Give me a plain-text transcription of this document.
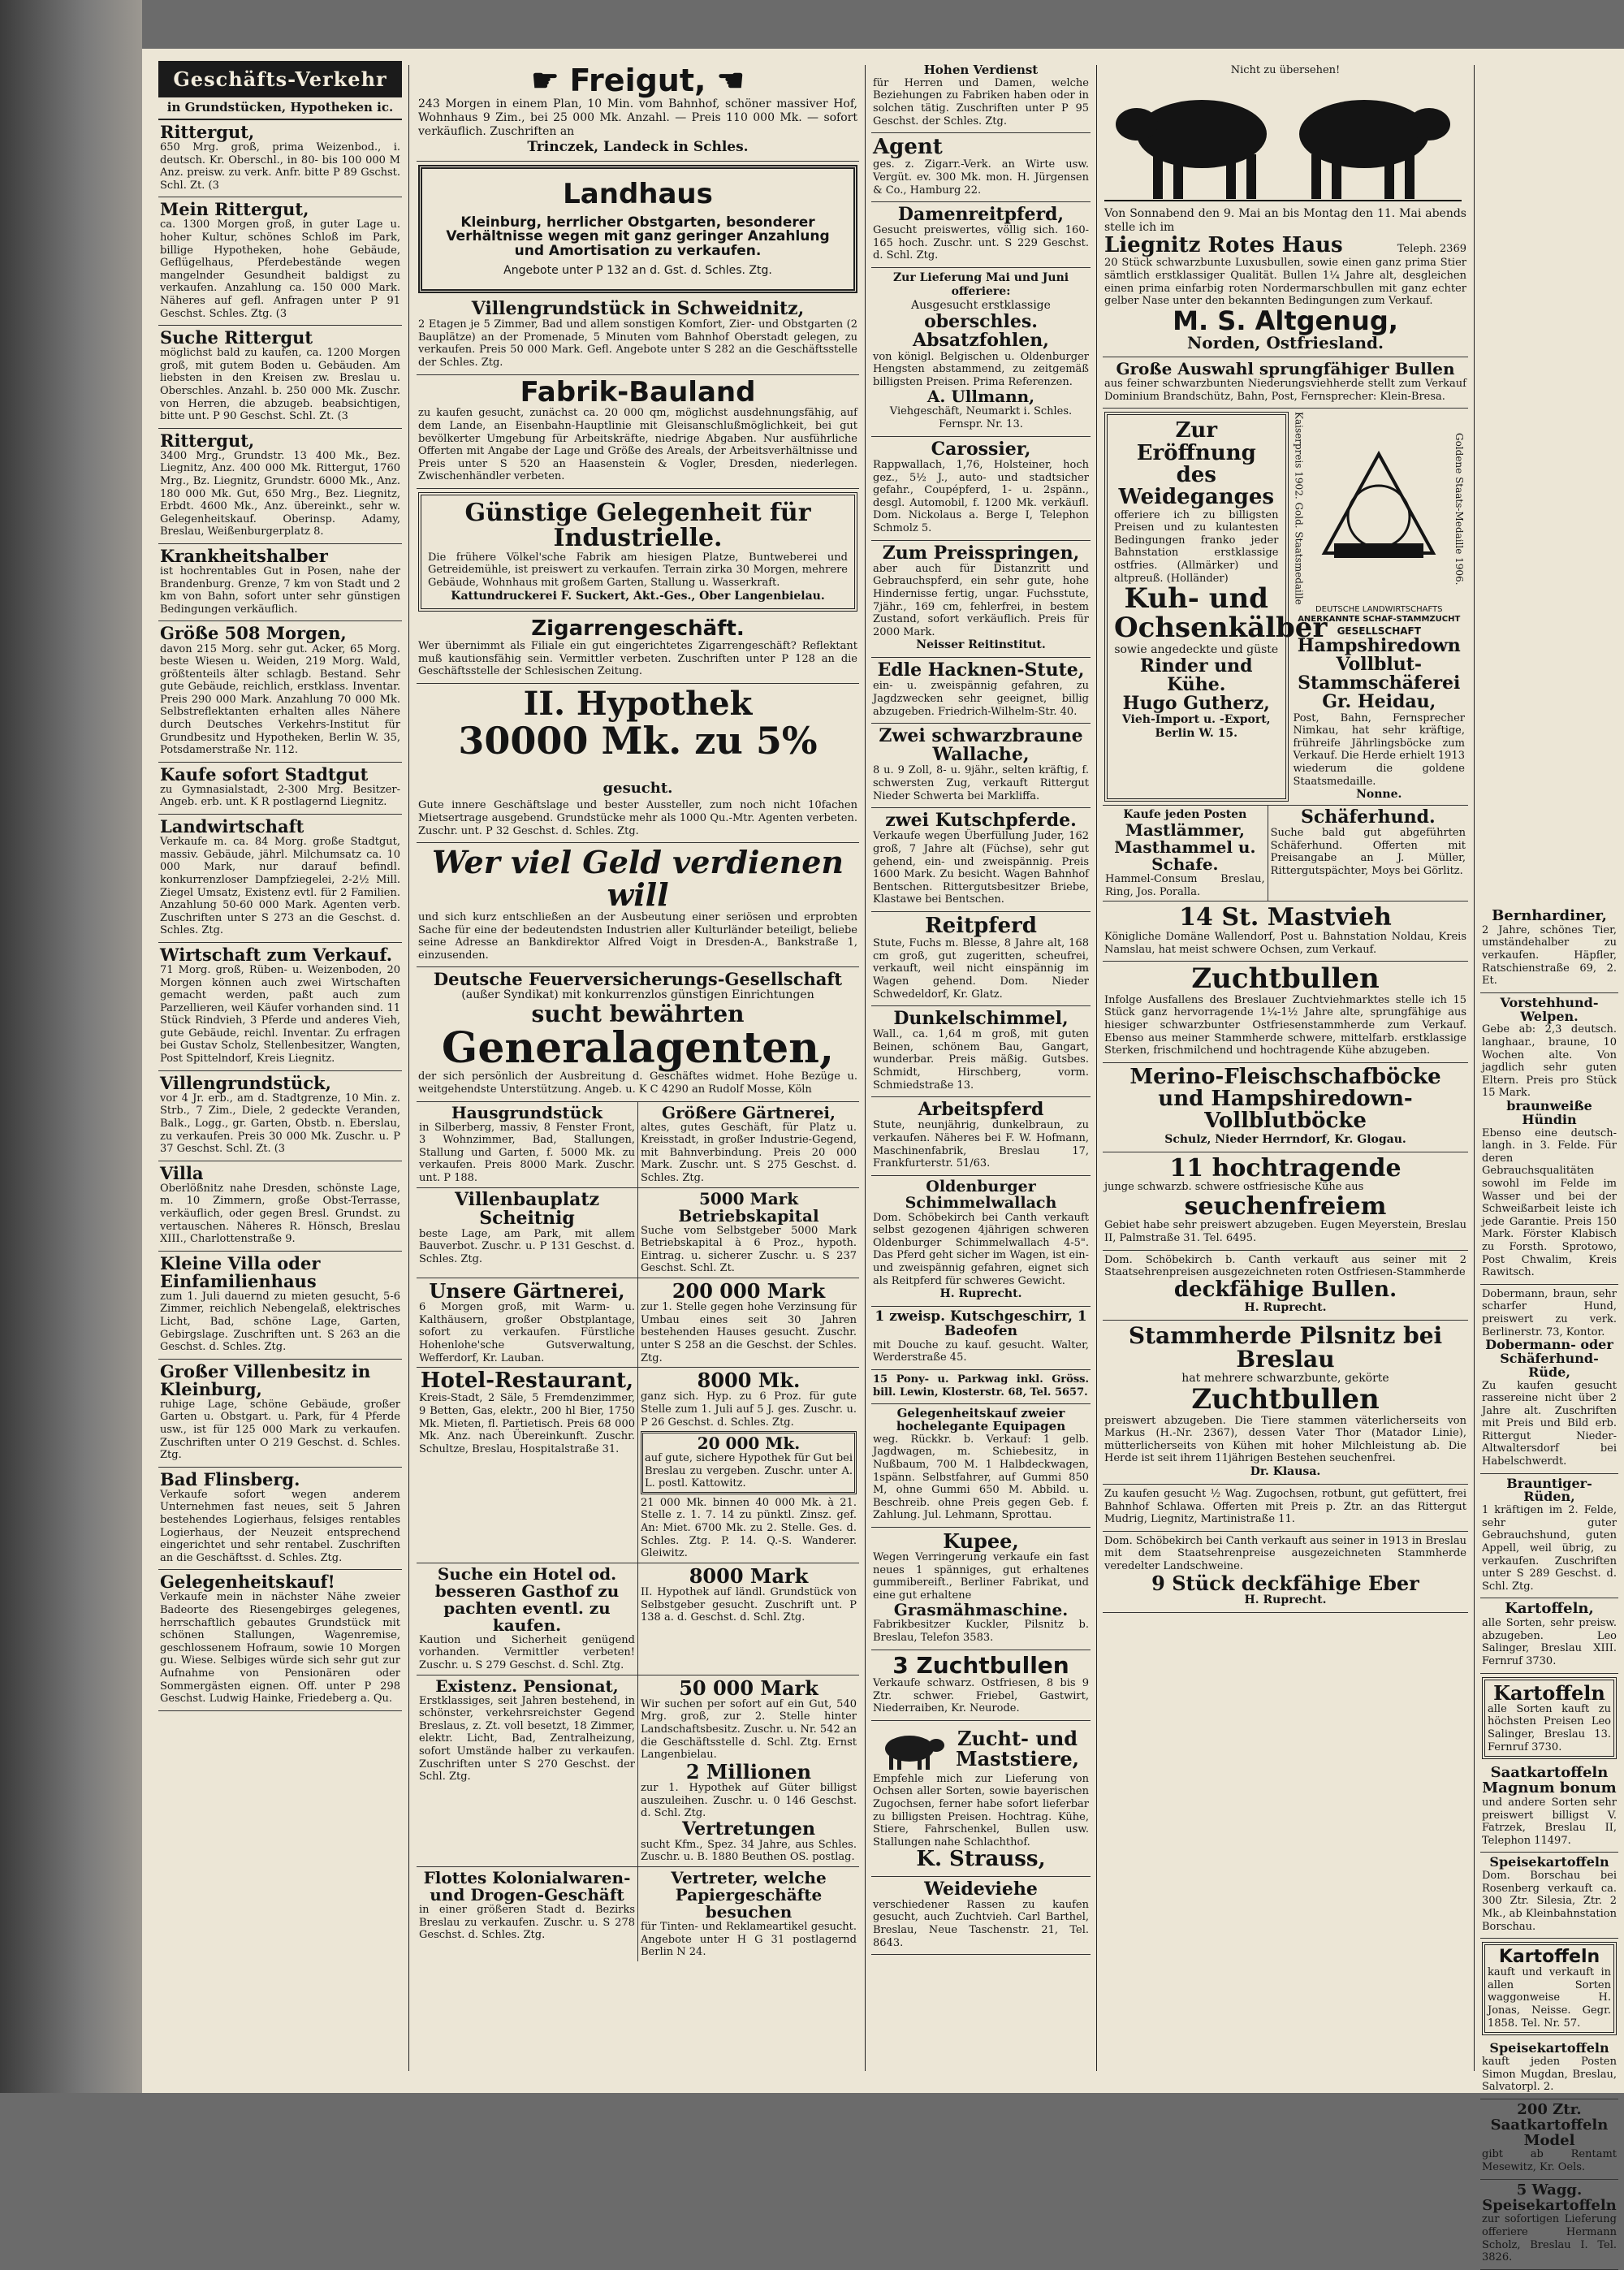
Geschäfts-Verkehr
in Grundstücken, Hypotheken ic.
Rittergut,
650 Mrg. groß, prima Weizenbod., i. deutsch. Kr. Oberschl., in 80- bis 100 000 M Anz. preisw. zu verk. Anfr. bitte P 89 Gschst. Schl. Zt. (3
Mein Rittergut,
ca. 1300 Morgen groß, in guter Lage u. hoher Kultur, schönes Schloß im Park, billige Hypotheken, hohe Gebäude, Geflügelhaus, Pferdebestände wegen mangelnder Gesundheit baldigst zu verkaufen. Anzahlung ca. 150 000 Mark. Näheres auf gefl. Anfragen unter P 91 Geschst. Schles. Ztg. (3
Suche Rittergut
möglichst bald zu kaufen, ca. 1200 Morgen groß, mit gutem Boden u. Gebäuden. Am liebsten in den Kreisen zw. Breslau u. Oberschles. Anzahl. b. 250 000 Mk. Zuschr. von Herren, die abzugeb. beabsichtigen, bitte unt. P 90 Geschst. Schl. Zt. (3
Rittergut,
3400 Mrg., Grundstr. 13 400 Mk., Bez. Liegnitz, Anz. 400 000 Mk. Rittergut, 1760 Mrg., Bz. Liegnitz, Grundstr. 6000 Mk., Anz. 180 000 Mk. Gut, 650 Mrg., Bez. Liegnitz, Erbdt. 4600 Mk., Anz. übereinkt., sehr w. Gelegenheitskauf. Oberinsp. Adamy, Breslau, Weißenburgerplatz 8.
Krankheitshalber
ist hochrentables Gut in Posen, nahe der Brandenburg. Grenze, 7 km von Stadt und 2 km von Bahn, sofort unter sehr günstigen Bedingungen verkäuflich.
Größe 508 Morgen,
davon 215 Morg. sehr gut. Acker, 65 Morg. beste Wiesen u. Weiden, 219 Morg. Wald, größtenteils älter schlagb. Bestand. Sehr gute Gebäude, reichlich, erstklass. Inventar. Preis 290 000 Mark. Anzahlung 70 000 Mk. Selbstreflektanten erhalten alles Nähere durch Deutsches Verkehrs-Institut für Grundbesitz und Hypotheken, Berlin W. 35, Potsdamerstraße Nr. 112.
Kaufe sofort Stadtgut
zu Gymnasialstadt, 2-300 Mrg. Besitzer-Angeb. erb. unt. K R postlagernd Liegnitz.
Landwirtschaft
Verkaufe m. ca. 84 Morg. große Stadtgut, massiv. Gebäude, jährl. Milchumsatz ca. 10 000 Mark, nur darauf befindl. konkurrenzloser Dampfziegelei, 2-2½ Mill. Ziegel Umsatz, Existenz evtl. für 2 Familien. Anzahlung 50-60 000 Mark. Agenten verb. Zuschriften unter S 273 an die Geschst. d. Schles. Ztg.
Wirtschaft zum Verkauf.
71 Morg. groß, Rüben- u. Weizenboden, 20 Morgen können auch zwei Wirtschaften gemacht werden, paßt auch zum Parzellieren, weil Käufer vorhanden sind. 11 Stück Rindvieh, 3 Pferde und anderes Vieh, gute Gebäude, reichl. Inventar. Zu erfragen bei Gustav Scholz, Stellenbesitzer, Wangten, Post Spittelndorf, Kreis Liegnitz.
Villengrundstück,
vor 4 Jr. erb., am d. Stadtgrenze, 10 Min. z. Strb., 7 Zim., Diele, 2 gedeckte Veranden, Balk., Logg., gr. Garten, Obstb. n. Eberslau, zu verkaufen. Preis 30 000 Mk. Zuschr. u. P 37 Geschst. Schl. Zt. (3
Villa
Oberlößnitz nahe Dresden, schönste Lage, m. 10 Zimmern, große Obst-Terrasse, verkäuflich, oder gegen Bresl. Grundst. zu vertauschen. Näheres R. Hönsch, Breslau XIII., Charlottenstraße 9.
Kleine Villa oder Einfamilienhaus
zum 1. Juli dauernd zu mieten gesucht, 5-6 Zimmer, reichlich Nebengelaß, elektrisches Licht, Bad, schöne Lage, Garten, Gebirgslage. Zuschriften unt. S 263 an die Geschst. d. Schles. Ztg.
Großer Villenbesitz in Kleinburg,
ruhige Lage, schöne Gebäude, großer Garten u. Obstgart. u. Park, für 4 Pferde usw., ist für 125 000 Mark zu verkaufen. Zuschriften unter O 219 Geschst. d. Schles. Ztg.
Bad Flinsberg.
Verkaufe sofort wegen anderem Unternehmen fast neues, seit 5 Jahren bestehendes Logierhaus, felsiges rentables Logierhaus, der Neuzeit entsprechend eingerichtet und sehr rentabel. Zuschriften an die Geschäftsst. d. Schles. Ztg.
Gelegenheitskauf!
Verkaufe mein in nächster Nähe zweier Badeorte des Riesengebirges gelegenes, herrschaftlich gebautes Grundstück mit schönen Stallungen, Wagenremise, geschlossenem Hofraum, sowie 10 Morgen gu. Wiese. Selbiges würde sich sehr gut zur Aufnahme von Pensionären oder Sommergästen eignen. Off. unter P 298 Geschst. Ludwig Hainke, Friedeberg a. Qu.
☛ Freigut, ☚
243 Morgen in einem Plan, 10 Min. vom Bahnhof, schöner massiver Hof, Wohnhaus 9 Zim., bei 25 000 Mk. Anzahl. — Preis 110 000 Mk. — sofort verkäuflich. Zuschriften an
Trinczek, Landeck in Schles.
Landhaus
Kleinburg, herrlicher Obstgarten, besonderer Verhältnisse wegen mit ganz geringer Anzahlung und Amortisation zu verkaufen.
Angebote unter P 132 an d. Gst. d. Schles. Ztg.
Villengrundstück in Schweidnitz,
2 Etagen je 5 Zimmer, Bad und allem sonstigen Komfort, Zier- und Obstgarten (2 Bauplätze) an der Promenade, 5 Minuten vom Bahnhof Oberstadt gelegen, zu verkaufen. Preis 50 000 Mark. Gefl. Angebote unter S 282 an die Geschäftsstelle der Schles. Ztg.
Fabrik-Bauland
zu kaufen gesucht, zunächst ca. 20 000 qm, möglichst ausdehnungsfähig, auf dem Lande, an Eisenbahn-Hauptlinie mit Gleisanschlußmöglichkeit, bei gut bevölkerter Umgebung für Arbeitskräfte, niedrige Abgaben. Nur ausführliche Offerten mit Angabe der Lage und Größe des Areals, der Arbeitsverhältnisse und Preis unter S 520 an Haasenstein & Vogler, Dresden, niederlegen. Zwischenhändler verbeten.
Günstige Gelegenheit für Industrielle.
Die frühere Völkel'sche Fabrik am hiesigen Platze, Buntweberei und Getreidemühle, ist preiswert zu verkaufen. Terrain zirka 30 Morgen, mehrere Gebäude, Wohnhaus mit großem Garten, Stallung u. Wasserkraft.
Kattundruckerei F. Suckert, Akt.-Ges., Ober Langenbielau.
Zigarrengeschäft.
Wer übernimmt als Filiale ein gut eingerichtetes Zigarrengeschäft? Reflektant muß kautionsfähig sein. Vermittler verbeten. Zuschriften unter P 128 an die Geschäftsstelle der Schlesischen Zeitung.
II. Hypothek
30000 Mk. zu 5% gesucht.
Gute innere Geschäftslage und bester Aussteller, zum noch nicht 10fachen Mietsertrage ausgebend. Grundstücke mehr als 1000 Qu.-Mtr. Agenten verbeten. Zuschr. unt. P 32 Geschst. d. Schles. Ztg.
Wer viel Geld verdienen will
und sich kurz entschließen an der Ausbeutung einer seriösen und erprobten Sache für eine der bedeutendsten Industrien aller Kulturländer beteiligt, beliebe seine Adresse an Bankdirektor Alfred Voigt in Dresden-A., Bankstraße 1, einzusenden.
Deutsche Feuerversicherungs-Gesellschaft
(außer Syndikat) mit konkurrenzlos günstigen Einrichtungen
sucht bewährten
Generalagenten,
der sich persönlich der Ausbreitung d. Geschäftes widmet. Hohe Bezüge u. weitgehendste Unterstützung. Angeb. u. K C 4290 an Rudolf Mosse, Köln
Hausgrundstück
in Silberberg, massiv, 8 Fenster Front, 3 Wohnzimmer, Bad, Stallungen, Stallung und Garten, f. 5000 Mk. zu verkaufen. Preis 8000 Mark. Zuschr. unt. P 188.
Größere Gärtnerei,
altes, gutes Geschäft, für Platz u. Kreisstadt, in großer Industrie-Gegend, mit Bahnverbindung. Preis 20 000 Mark. Zuschr. unt. S 275 Geschst. d. Schles. Ztg.
Villenbauplatz Scheitnig
beste Lage, am Park, mit allem Bauverbot. Zuschr. u. P 131 Geschst. d. Schles. Ztg.
5000 Mark Betriebskapital
Suche vom Selbstgeber 5000 Mark Betriebskapital à 6 Proz., hypoth. Eintrag. u. sicherer Zuschr. u. S 237 Geschst. Schl. Zt.
Unsere Gärtnerei,
6 Morgen groß, mit Warm- u. Kalthäusern, großer Obstplantage, sofort zu verkaufen. Fürstliche Hohenlohe'sche Gutsverwaltung, Wefferdorf, Kr. Lauban.
200 000 Mark
zur 1. Stelle gegen hohe Verzinsung für Umbau eines seit 30 Jahren bestehenden Hauses gesucht. Zuschr. unter S 258 an die Geschst. der Schles. Ztg.
Hotel-Restaurant,
Kreis-Stadt, 2 Säle, 5 Fremdenzimmer, 9 Betten, Gas, elektr., 200 hl Bier, 1750 Mk. Mieten, fl. Partietisch. Preis 68 000 Mk. Anz. nach Übereinkunft. Zuschr. Schultze, Breslau, Hospitalstraße 31.
8000 Mk.
ganz sich. Hyp. zu 6 Proz. für gute Stelle zum 1. Juli auf 5 J. ges. Zuschr. u. P 26 Geschst. d. Schles. Ztg.
20 000 Mk.
auf gute, sichere Hypothek für Gut bei Breslau zu vergeben. Zuschr. unter A. L. postl. Kattowitz.
21 000 Mk. binnen 40 000 Mk. à 21. Stelle z. 1. 7. 14 zu pünktl. Zinsz. gef. An: Miet. 6700 Mk. zu 2. Stelle. Ges. d. Schles. Ztg. P. 14. Q.-S. Wanderer. Gleiwitz.
Suche ein Hotel od. besseren Gasthof zu pachten eventl. zu kaufen.
Kaution und Sicherheit genügend vorhanden. Vermittler verbeten! Zuschr. u. S 279 Geschst. d. Schl. Ztg.
8000 Mark
II. Hypothek auf ländl. Grundstück von Selbstgeber gesucht. Zuschrift unt. P 138 a. d. Geschst. d. Schl. Ztg.
Existenz. Pensionat,
Erstklassiges, seit Jahren bestehend, in schönster, verkehrsreichster Gegend Breslaus, z. Zt. voll besetzt, 18 Zimmer, elektr. Licht, Bad, Zentralheizung, sofort Umstände halber zu verkaufen. Zuschriften unter S 270 Geschst. der Schl. Ztg.
50 000 Mark
Wir suchen per sofort auf ein Gut, 540 Mrg. groß, zur 2. Stelle hinter Landschaftsbesitz. Zuschr. u. Nr. 542 an die Geschäftsstelle d. Schl. Ztg. Ernst Langenbielau.
2 Millionen
zur 1. Hypothek auf Güter billigst auszuleihen. Zuschr. u. 0 146 Geschst. d. Schl. Ztg.
Vertretungen
sucht Kfm., Spez. 34 Jahre, aus Schles. Zuschr. u. B. 1880 Beuthen OS. postlag.
Flottes Kolonialwaren- und Drogen-Geschäft
in einer größeren Stadt d. Bezirks Breslau zu verkaufen. Zuschr. u. S 278 Geschst. d. Schles. Ztg.
Vertreter, welche Papiergeschäfte besuchen
für Tinten- und Reklameartikel gesucht. Angebote unter H G 31 postlagernd Berlin N 24.
Hohen Verdienst
für Herren und Damen, welche Beziehungen zu Fabriken haben oder in solchen tätig. Zuschriften unter P 95 Geschst. der Schles. Ztg.
Agent
ges. z. Zigarr.-Verk. an Wirte usw. Vergüt. ev. 300 Mk. mon. H. Jürgensen & Co., Hamburg 22.
Damenreitpferd,
Gesucht preiswertes, völlig sich. 160-165 hoch. Zuschr. unt. S 229 Geschst. d. Schl. Ztg.
Zur Lieferung Mai und Juni offeriere:
Ausgesucht erstklassige
oberschles. Absatzfohlen,
von königl. Belgischen u. Oldenburger Hengsten abstammend, zu zeitgemäß billigsten Preisen. Prima Referenzen.
A. Ullmann,
Viehgeschäft, Neumarkt i. Schles. Fernspr. Nr. 13.
Carossier,
Rappwallach, 1,76, Holsteiner, hoch gez., 5½ J., auto- und stadtsicher gefahr., Coupépferd, 1- u. 2spänn., desgl. Automobil, f. 1200 Mk. verkäufl. Dom. Nickolaus a. Berge I, Telephon Schmolz 5.
Zum Preisspringen,
aber auch für Distanzritt und Gebrauchspferd, ein sehr gute, hohe Hindernisse fertig, ungar. Fuchsstute, 7jähr., 169 cm, fehlerfrei, in bestem Zustand, sofort verkäuflich. Preis für 2000 Mark.
Neisser Reitinstitut.
Edle Hacknen-Stute,
ein- u. zweispännig gefahren, zu Jagdzwecken sehr geeignet, billig abzugeben. Friedrich-Wilhelm-Str. 40.
Zwei schwarzbraune Wallache,
8 u. 9 Zoll, 8- u. 9jähr., selten kräftig, f. schwersten Zug, verkauft Rittergut Nieder Schwerta bei Markliffa.
zwei Kutschpferde.
Verkaufe wegen Überfüllung Juder, 162 groß, 7 Jahre alt (Füchse), sehr gut gehend, ein- und zweispännig. Preis 1600 Mark. Zu besicht. Wagen Bahnhof Bentschen. Rittergutsbesitzer Briebe, Klastawe bei Bentschen.
Reitpferd
Stute, Fuchs m. Blesse, 8 Jahre alt, 168 cm groß, gut zugeritten, scheufrei, verkauft, weil nicht einspännig im Wagen gehend. Dom. Nieder Schwedeldorf, Kr. Glatz.
Dunkelschimmel,
Wall., ca. 1,64 m groß, mit guten Beinen, schönem Bau, Gangart, wunderbar. Preis mäßig. Gutsbes. Schmidt, Hirschberg, vorm. Schmiedstraße 13.
Arbeitspferd
Stute, neunjährig, dunkelbraun, zu verkaufen. Näheres bei F. W. Hofmann, Maschinenfabrik, Breslau 17, Frankfurterstr. 51/63.
Oldenburger Schimmelwallach
Dom. Schöbekirch bei Canth verkauft selbst gezogenen 4jährigen schweren Oldenburger Schimmelwallach 4-5". Das Pferd geht sicher im Wagen, ist ein- und zweispännig gefahren, eignet sich als Reitpferd für schweres Gewicht.
H. Ruprecht.
1 zweisp. Kutschgeschirr, 1 Badeofen
mit Douche zu kauf. gesucht. Walter, Werderstraße 45.
15 Pony- u. Parkwag inkl. Gröss. bill. Lewin, Klosterstr. 68, Tel. 5657.
Gelegenheitskauf zweier hochelegante Equipagen
weg. Rückkr. b. Verkauf: 1 gelb. Jagdwagen, m. Schiebesitz, in Nußbaum, 700 M. 1 Halbdeckwagen, 1spänn. Selbstfahrer, auf Gummi 850 M, ohne Gummi 650 M. Abbild. u. Beschreib. ohne Preis gegen Geb. f. Zahlung. Jul. Lehmann, Sprottau.
Kupee,
Wegen Verringerung verkaufe ein fast neues 1 spänniges, gut erhaltenes gummibereift., Berliner Fabrikat, und eine gut erhaltene
Grasmähmaschine.
Fabrikbesitzer Kuckler, Pilsnitz b. Breslau, Telefon 3583.
3 Zuchtbullen
Verkaufe schwarz. Ostfriesen, 8 bis 9 Ztr. schwer. Friebel, Gastwirt, Niederraiben, Kr. Neurode.
Zucht- und Maststiere,
Empfehle mich zur Lieferung von Ochsen aller Sorten, sowie bayerischen Zugochsen, ferner habe sofort lieferbar zu billigsten Preisen. Hochtrag. Kühe, Stiere, Fahrschenkel, Bullen usw. Stallungen nahe Schlachthof.
K. Strauss,
Weideviehe
verschiedener Rassen zu kaufen gesucht, auch Zuchtvieh. Carl Barthel, Breslau, Neue Taschenstr. 21, Tel. 8643.
Nicht zu übersehen!
Von Sonnabend den 9. Mai an bis Montag den 11. Mai abends stelle ich im
Liegnitz Rotes Haus	Teleph. 2369
20 Stück schwarzbunte Luxusbullen, sowie einen ganz prima Stier sämtlich erstklassiger Qualität. Bullen 1¼ Jahre alt, desgleichen einen prima einfarbig roten Nordermarschbullen mit ganz echter gelber Nase unter den bekannten Bedingungen zum Verkauf.
M. S. Altgenug,
Norden, Ostfriesland.
Große Auswahl sprungfähiger Bullen
aus feiner schwarzbunten Niederungsviehherde stellt zum Verkauf Dominium Brandschütz, Bahn, Post, Fernsprecher: Klein-Bresa.
Zur Eröffnung des Weideganges
offeriere ich zu billigsten Preisen und zu kulantesten Bedingungen franko jeder Bahnstation erstklassige ostfries. (Allmärker) und altpreuß. (Holländer)
Kuh- und Ochsenkälber
sowie angedeckte und güste
Rinder und Kühe.
Hugo Gutherz,
Vieh-Import u. -Export, Berlin W. 15.
Kaiserpreis 1902. Gold. Staatsmedaille	Goldene Staats-Medaille 1906.
DEUTSCHE LANDWIRTSCHAFTS
ANERKANNTE SCHAF-STAMMZUCHT
GESELLSCHAFT
Hampshiredown Vollblut-Stammschäferei Gr. Heidau,
Post, Bahn, Fernsprecher Nimkau, hat sehr kräftige, frühreife Jährlingsböcke zum Verkauf. Die Herde erhielt 1913 wiederum die goldene Staatsmedaille.
Nonne.
Kaufe jeden Posten
Mastlämmer, Masthammel u. Schafe.
Hammel-Consum Breslau, Ring, Jos. Poralla.
Schäferhund.
Suche bald gut abgeführten Schäferhund. Offerten mit Preisangabe an J. Müller, Rittergutspächter, Moys bei Görlitz.
14 St. Mastvieh
Königliche Domäne Wallendorf, Post u. Bahnstation Noldau, Kreis Namslau, hat meist schwere Ochsen, zum Verkauf.
Zuchtbullen
Infolge Ausfallens des Breslauer Zuchtviehmarktes stelle ich 15 Stück ganz hervorragende 1¼-1½ Jahre alte, sprungfähige aus hiesiger schwarzbunter Ostfriesenstammherde zum Verkauf. Ebenso aus meiner Stammherde schwere, mittelfarb. erstklassige Sterken, frischmilchend und hochtragende Kühe abzugeben.
Merino-Fleischschafböcke und Hampshiredown-Vollblutböcke
Schulz, Nieder Herrndorf, Kr. Glogau.
11 hochtragende
junge schwarzb. schwere ostfriesische Kühe aus
seuchenfreiem
Gebiet habe sehr preiswert abzugeben. Eugen Meyerstein, Breslau II, Palmstraße 31. Tel. 6495.
Dom. Schöbekirch b. Canth verkauft aus seiner mit 2 Staatsehrenpreisen ausgezeichneten roten Ostfriesen-Stammherde
deckfähige Bullen.
H. Ruprecht.
Stammherde Pilsnitz bei Breslau
hat mehrere schwarzbunte, gekörte
Zuchtbullen
preiswert abzugeben. Die Tiere stammen väterlicherseits von Markus (H.-Nr. 2367), dessen Vater Thor (Matador Linie), mütterlicherseits von Kühen mit hoher Milchleistung ab. Die Herde ist seit ihrem 11jährigen Bestehen seuchenfrei.
Dr. Klausa.
Zu kaufen gesucht ½ Wag. Zugochsen, rotbunt, gut gefüttert, frei Bahnhof Schlawa. Offerten mit Preis p. Ztr. an das Rittergut Mudrig, Liegnitz, Martinistraße 11.
Dom. Schöbekirch bei Canth verkauft aus seiner in 1913 in Breslau mit dem Staatsehrenpreise ausgezeichneten Stammherde veredelter Landschweine.
9 Stück deckfähige Eber
H. Ruprecht.
Bernhardiner,
2 Jahre, schönes Tier, umständehalber zu verkaufen. Häpfler, Ratschienstraße 69, 2. Et.
Vorstehhund-Welpen.
Gebe ab: 2,3 deutsch. langhaar., braune, 10 Wochen alte. Von jagdlich sehr guten Eltern. Preis pro Stück 15 Mark.
braunweiße Hündin
Ebenso eine deutsch-langh. in 3. Felde. Für deren Gebrauchsqualitäten sowohl im Felde im Wasser und bei der Schweißarbeit leiste ich jede Garantie. Preis 150 Mark. Förster Klabisch zu Forsth. Sprotowo, Post Chwalim, Kreis Rawitsch.
Dobermann, braun, sehr scharfer Hund, preiswert zu verk. Berlinerstr. 73, Kontor.
Dobermann- oder Schäferhund-Rüde,
Zu kaufen gesucht rassereine nicht über 2 Jahre alt. Zuschriften mit Preis und Bild erb. Rittergut Nieder-Altwaltersdorf bei Habelschwerdt.
Brauntiger-Rüden,
1 kräftigen im 2. Felde, sehr guter Gebrauchshund, guten Appell, weil übrig, zu verkaufen. Zuschriften unter S 289 Geschst. d. Schl. Ztg.
Kartoffeln,
alle Sorten, sehr preisw. abzugeben. Leo Salinger, Breslau XIII. Fernruf 3730.
Kartoffeln
alle Sorten kauft zu höchsten Preisen Leo Salinger, Breslau 13. Fernruf 3730.
Saatkartoffeln Magnum bonum
und andere Sorten sehr preiswert billigst V. Fatrzek, Breslau II, Telephon 11497.
Speisekartoffeln
Dom. Borschau bei Rosenberg verkauft ca. 300 Ztr. Silesia, Ztr. 2 Mk., ab Kleinbahnstation Borschau.
Kartoffeln
kauft und verkauft in allen Sorten waggonweise H. Jonas, Neisse. Gegr. 1858. Tel. Nr. 57.
Speisekartoffeln
kauft jeden Posten Simon Mugdan, Breslau, Salvatorpl. 2.
200 Ztr. Saatkartoffeln Model
gibt ab Rentamt Mesewitz, Kr. Oels.
5 Wagg. Speisekartoffeln
zur sofortigen Lieferung offeriere Hermann Scholz, Breslau I. Tel. 3826.
